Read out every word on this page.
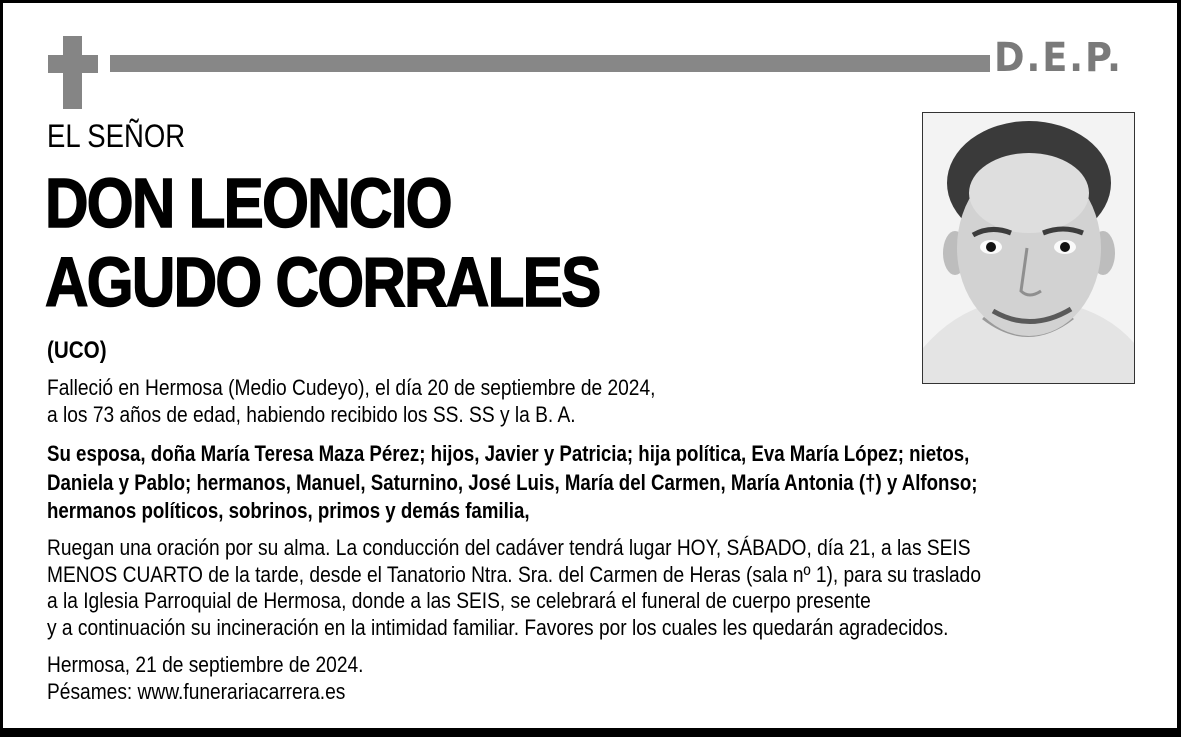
D.E.P.
EL SEÑOR
DON LEONCIO
AGUDO CORRALES
(UCO)
Falleció en Hermosa (Medio Cudeyo), el día 20 de septiembre de 2024,
a los 73 años de edad, habiendo recibido los SS. SS y la B. A.
Su esposa, doña María Teresa Maza Pérez; hijos, Javier y Patricia; hija política, Eva María López; nietos,
Daniela y Pablo; hermanos, Manuel, Saturnino, José Luis, María del Carmen, María Antonia (†) y Alfonso;
hermanos políticos, sobrinos, primos y demás familia,
Ruegan una oración por su alma. La conducción del cadáver tendrá lugar HOY, SÁBADO, día 21, a las SEIS
MENOS CUARTO de la tarde, desde el Tanatorio Ntra. Sra. del Carmen de Heras (sala nº 1), para su traslado
a la Iglesia Parroquial de Hermosa, donde a las SEIS, se celebrará el funeral de cuerpo presente
y a continuación su incineración en la intimidad familiar. Favores por los cuales les quedarán agradecidos.
Hermosa, 21 de septiembre de 2024.
Pésames: www.funerariacarrera.es
